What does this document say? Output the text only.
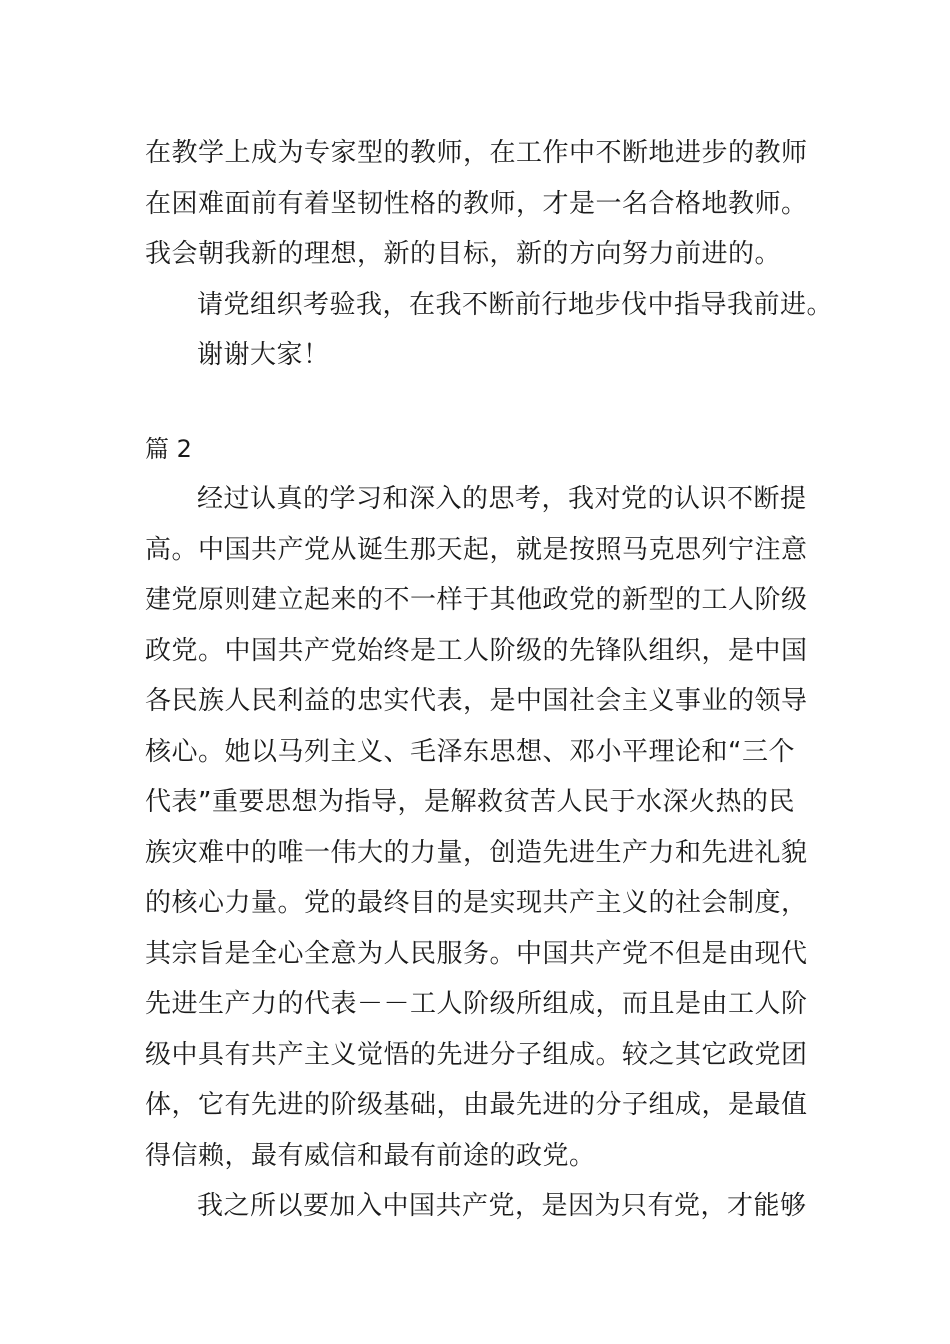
在教学上成为专家型的教师，在工作中不断地进步的教师
在困难面前有着坚韧性格的教师，才是一名合格地教师。
我会朝我新的理想，新的目标，新的方向努力前进的。
请党组织考验我，在我不断前行地步伐中指导我前进。
谢谢大家！
篇 2
经过认真的学习和深入的思考，我对党的认识不断提
高。中国共产党从诞生那天起，就是按照马克思列宁注意
建党原则建立起来的不一样于其他政党的新型的工人阶级
政党。中国共产党始终是工人阶级的先锋队组织，是中国
各民族人民利益的忠实代表，是中国社会主义事业的领导
核心。她以马列主义、毛泽东思想、邓小平理论和“三个
代表”重要思想为指导，是解救贫苦人民于水深火热的民
族灾难中的唯一伟大的力量，创造先进生产力和先进礼貌
的核心力量。党的最终目的是实现共产主义的社会制度，
其宗旨是全心全意为人民服务。中国共产党不但是由现代
先进生产力的代表－－工人阶级所组成，而且是由工人阶
级中具有共产主义觉悟的先进分子组成。较之其它政党团
体，它有先进的阶级基础，由最先进的分子组成，是最值
得信赖，最有威信和最有前途的政党。
我之所以要加入中国共产党，是因为只有党，才能够
